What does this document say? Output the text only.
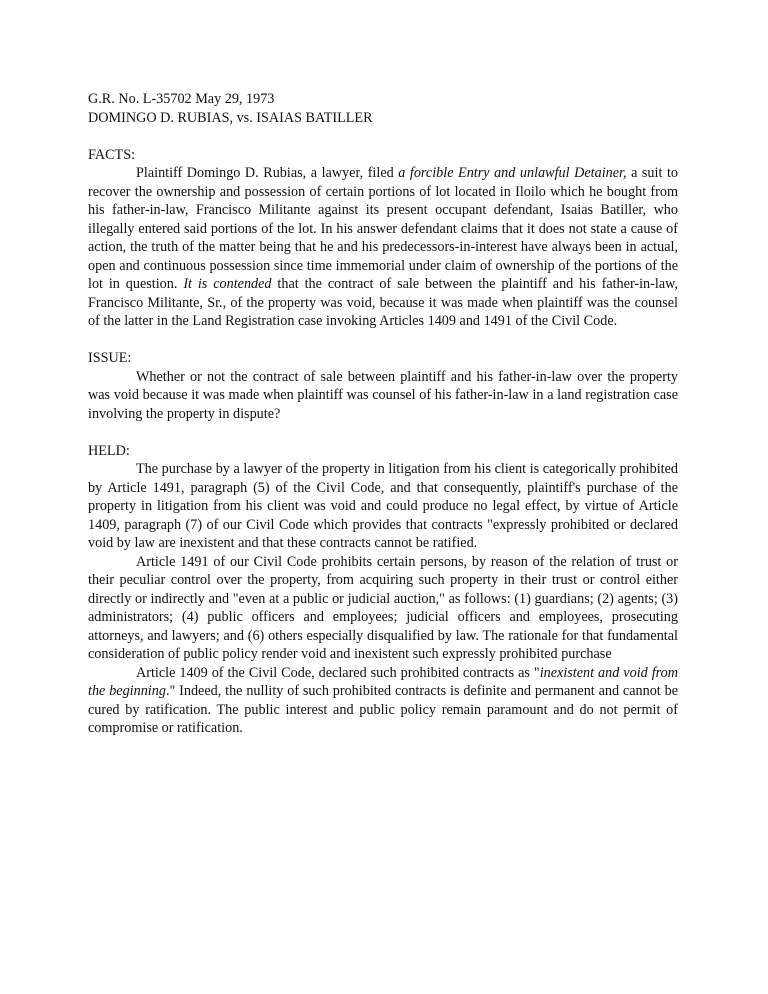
G.R. No. L-35702 May 29, 1973

DOMINGO D. RUBIAS, vs. ISAIAS BATILLER

FACTS:

Plaintiff Domingo D. Rubias, a lawyer, filed a forcible Entry and unlawful Detainer, a suit to recover the ownership and possession of certain portions of lot located in Iloilo which he bought from his father-in-law, Francisco Militante against its present occupant defendant, Isaias Batiller, who illegally entered said portions of the lot. In his answer defendant claims that it does not state a cause of action, the truth of the matter being that he and his predecessors-in-interest have always been in actual, open and continuous possession since time immemorial under claim of ownership of the portions of the lot in question. It is contended that the contract of sale between the plaintiff and his father-in-law, Francisco Militante, Sr., of the property was void, because it was made when plaintiff was the counsel of the latter in the Land Registration case invoking Articles 1409 and 1491 of the Civil Code.

ISSUE:

Whether or not the contract of sale between plaintiff and his father-in-law over the property was void because it was made when plaintiff was counsel of his father-in-law in a land registration case involving the property in dispute?

HELD:

The purchase by a lawyer of the property in litigation from his client is categorically prohibited by Article 1491, paragraph (5) of the Civil Code, and that consequently, plaintiff's purchase of the property in litigation from his client was void and could produce no legal effect, by virtue of Article 1409, paragraph (7) of our Civil Code which provides that contracts "expressly prohibited or declared void by law are inexistent and that these contracts cannot be ratified.

Article 1491 of our Civil Code prohibits certain persons, by reason of the relation of trust or their peculiar control over the property, from acquiring such property in their trust or control either directly or indirectly and "even at a public or judicial auction," as follows: (1) guardians; (2) agents; (3) administrators; (4) public officers and employees; judicial officers and employees, prosecuting attorneys, and lawyers; and (6) others especially disqualified by law. The rationale for that fundamental consideration of public policy render void and inexistent such expressly prohibited purchase

Article 1409 of the Civil Code, declared such prohibited contracts as "inexistent and void from the beginning." Indeed, the nullity of such prohibited contracts is definite and permanent and cannot be cured by ratification. The public interest and public policy remain paramount and do not permit of compromise or ratification.
